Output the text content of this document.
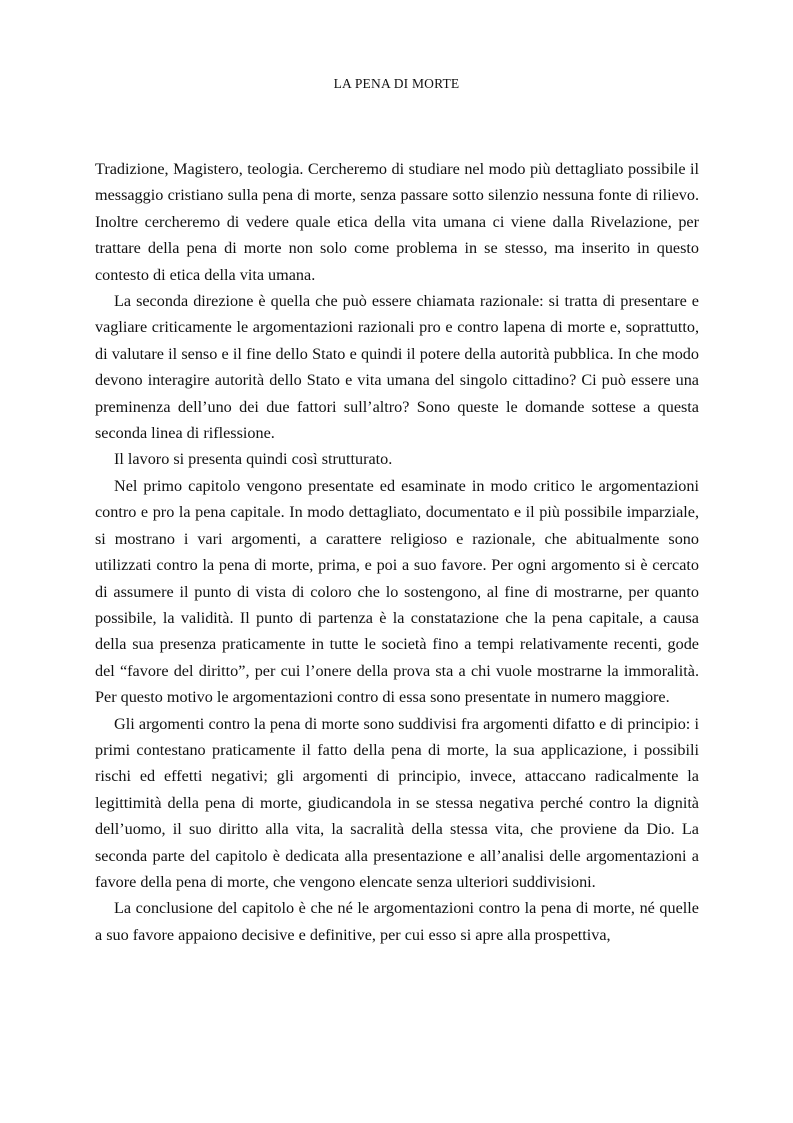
LA PENA DI MORTE

Tradizione, Magistero, teologia. Cercheremo di studiare nel modo più dettagliato possibile il messaggio cristiano sulla pena di morte, senza passare sotto silenzio nessuna fonte di rilievo. Inoltre cercheremo di vedere quale etica della vita umana ci viene dalla Rivelazione, per trattare della pena di morte non solo come problema in se stesso, ma inserito in questo contesto di etica della vita umana.

La seconda direzione è quella che può essere chiamata razionale: si tratta di presentare e vagliare criticamente le argomentazioni razionali pro e contro lapena di morte e, soprattutto, di valutare il senso e il fine dello Stato e quindi il potere della autorità pubblica. In che modo devono interagire autorità dello Stato e vita umana del singolo cittadino? Ci può essere una preminenza dell’uno dei due fattori sull’altro? Sono queste le domande sottese a questa seconda linea di riflessione.

Il lavoro si presenta quindi così strutturato.

Nel primo capitolo vengono presentate ed esaminate in modo critico le argomentazioni contro e pro la pena capitale. In modo dettagliato, documentato e il più possibile imparziale, si mostrano i vari argomenti, a carattere religioso e razionale, che abitualmente sono utilizzati contro la pena di morte, prima, e poi a suo favore. Per ogni argomento si è cercato di assumere il punto di vista di coloro che lo sostengono, al fine di mostrarne, per quanto possibile, la validità. Il punto di partenza è la constatazione che la pena capitale, a causa della sua presenza praticamente in tutte le società fino a tempi relativamente recenti, gode del “favore del diritto”, per cui l’onere della prova sta a chi vuole mostrarne la immoralità. Per questo motivo le argomentazioni contro di essa sono presentate in numero maggiore.

Gli argomenti contro la pena di morte sono suddivisi fra argomenti difatto e di principio: i primi contestano praticamente il fatto della pena di morte, la sua applicazione, i possibili rischi ed effetti negativi; gli argomenti di principio, invece, attaccano radicalmente la legittimità della pena di morte, giudicandola in se stessa negativa perché contro la dignità dell’uomo, il suo diritto alla vita, la sacralità della stessa vita, che proviene da Dio. La seconda parte del capitolo è dedicata alla presentazione e all’analisi delle argomentazioni a favore della pena di morte, che vengono elencate senza ulteriori suddivisioni.

La conclusione del capitolo è che né le argomentazioni contro la pena di morte, né quelle a suo favore appaiono decisive e definitive, per cui esso si apre alla prospettiva,
